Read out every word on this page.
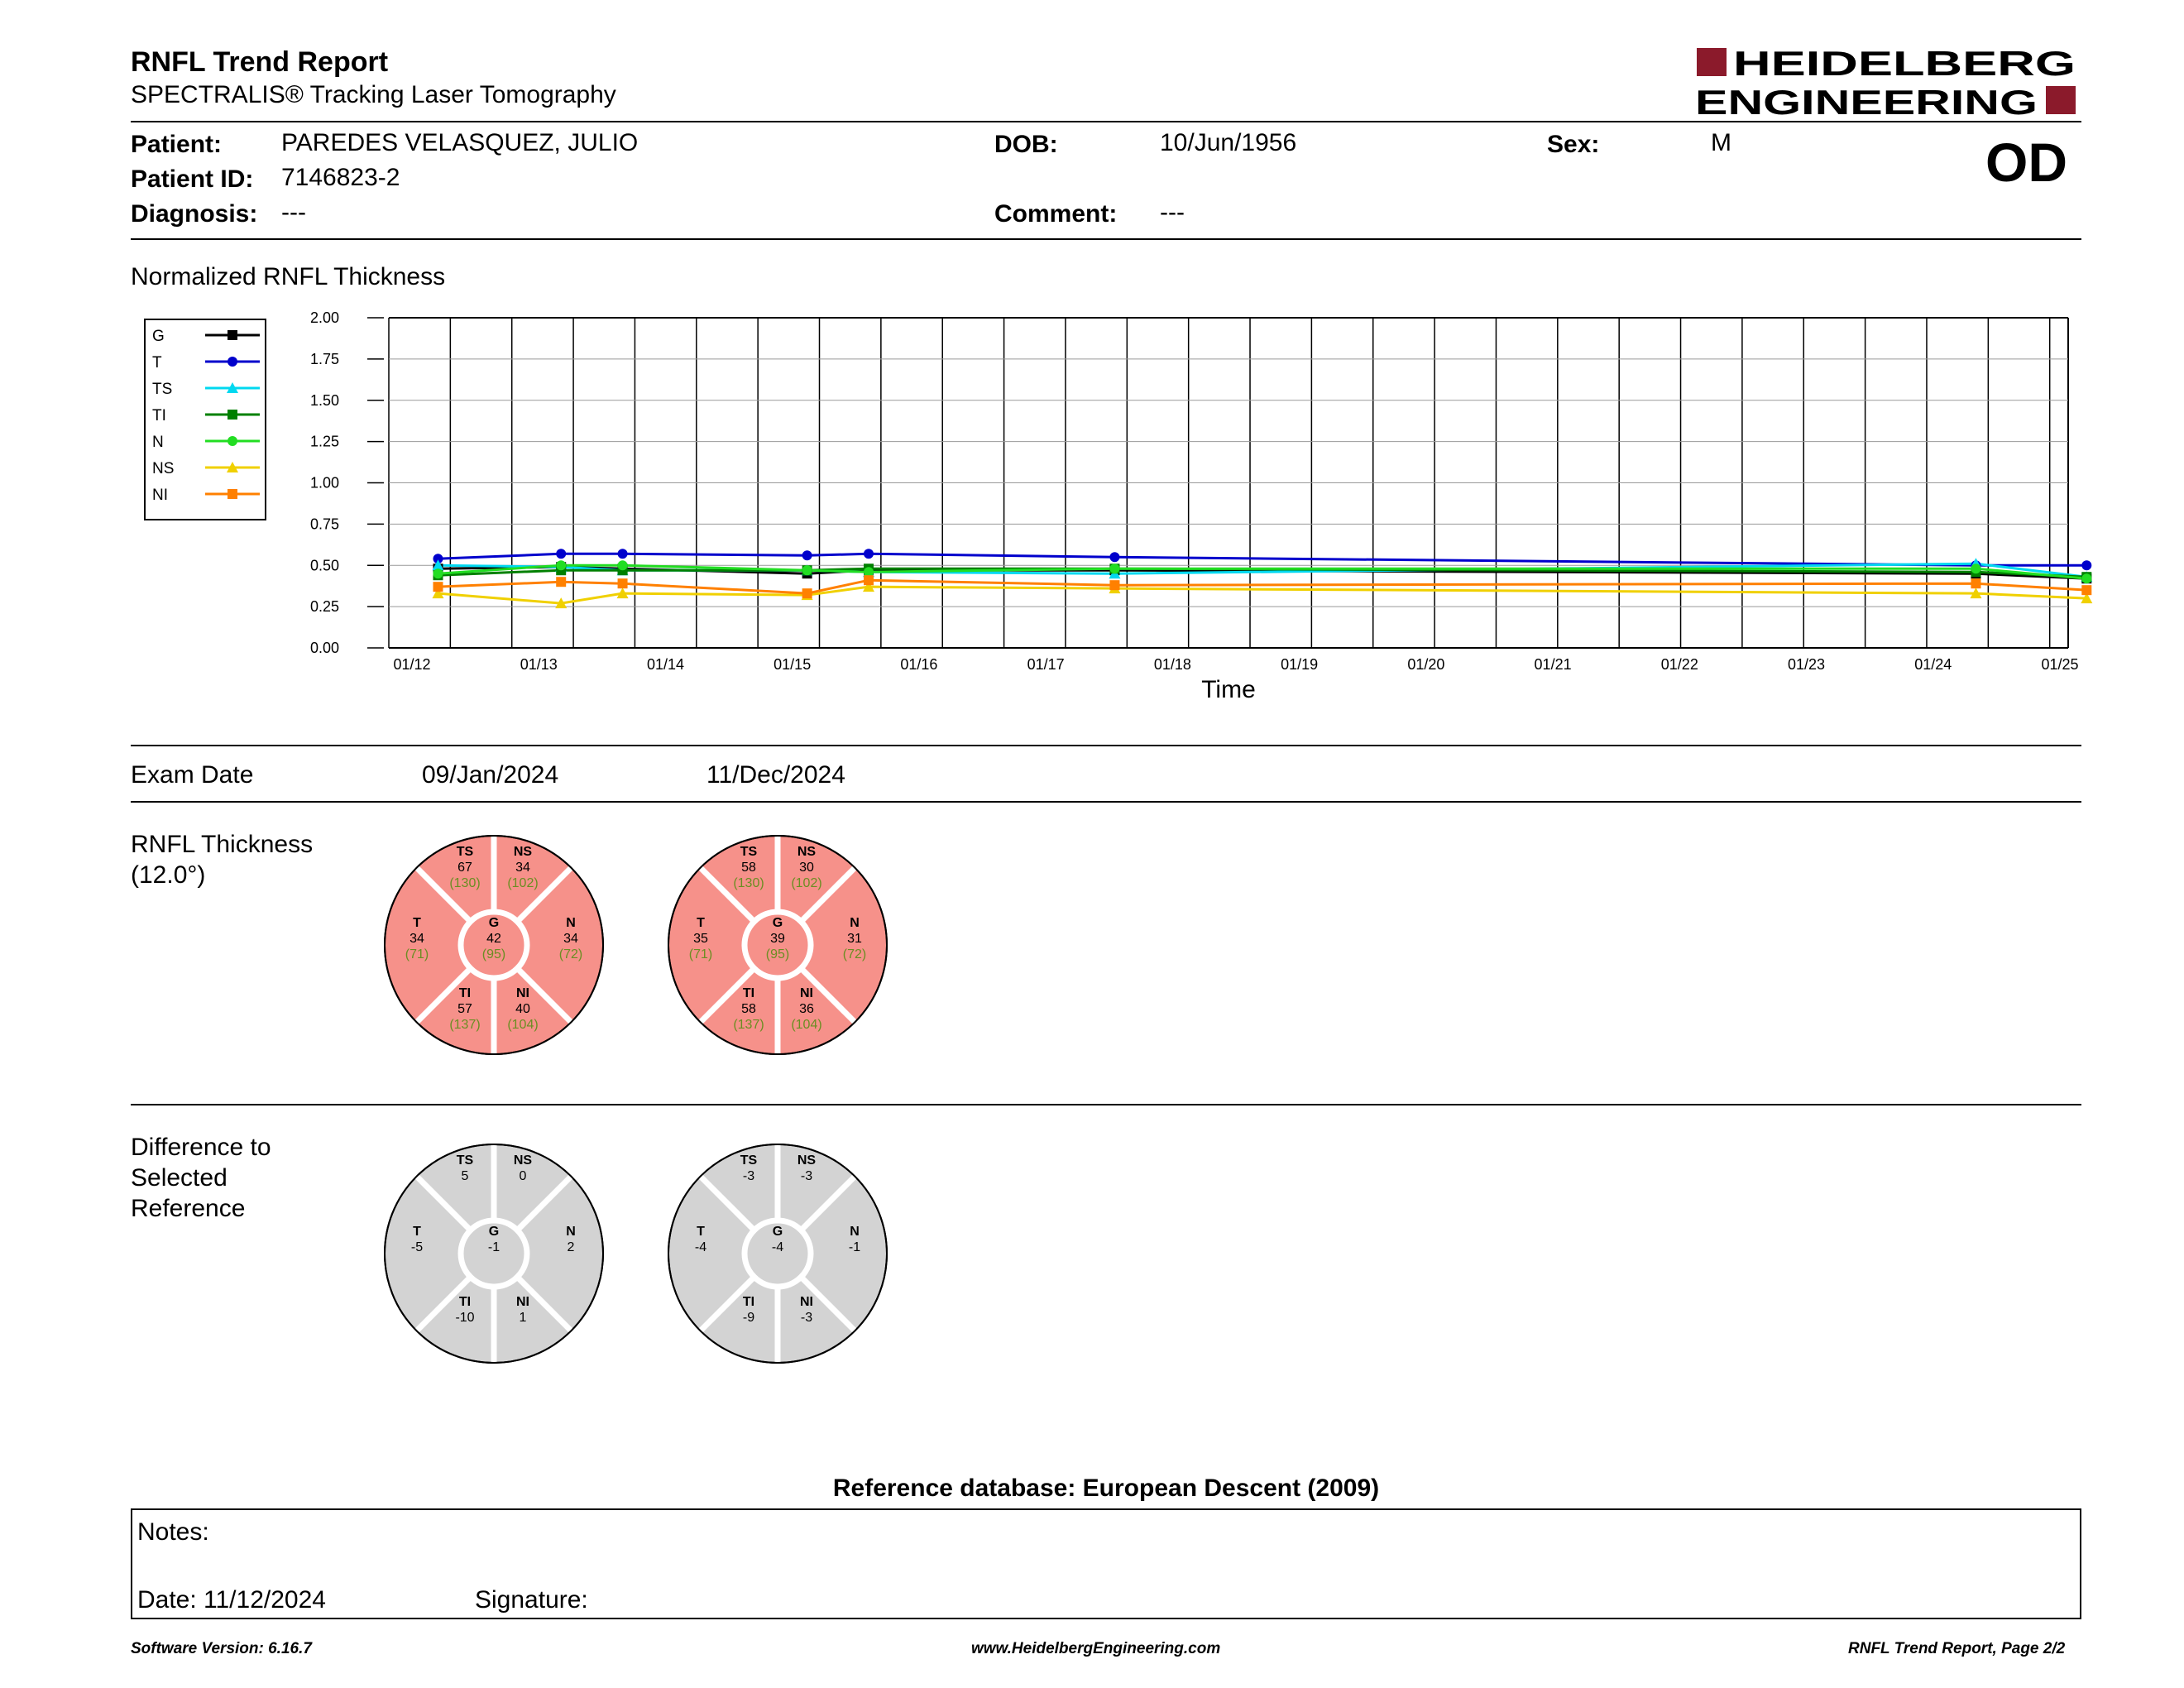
RNFL Trend Report
SPECTRALIS® Tracking Laser Tomography
HEIDELBERG
ENGINEERING
Patient: PAREDES VELASQUEZ, JULIO
Patient ID: 7146823-2
Diagnosis: ---
DOB:	10/Jun/1956
Comment: ---
Sex:	M	OD
Normalized RNFL Thickness
G
T
TS
TI
N
NS
NI
0.00
0.25
0.50
0.75
1.00
1.25
1.50
1.75
2.00
01/12	01/13	01/14	01/15	01/16	01/17	01/18	01/19	01/20	01/21	01/22	01/23	01/24	01/25
Time
Exam Date	09/Jan/2024	11/Dec/2024
RNFL Thickness
(12.0°)
TS
67
(130)
NS
34
(102)
T
34
(71)
G
42
(95)
N
34
(72)
TI
57
(137)
NI
40
(104)
TS
58
(130)
NS
30
(102)
T
35
(71)
G
39
(95)
N
31
(72)
TI
58
(137)
NI
36
(104)
Difference to
Selected
Reference
TS
5
NS
0
T
-5
G
-1
N
2
TI
-10
NI
1
TS
-3
NS
-3
T
-4
G
-4
N
-1
TI
-9
NI
-3
Reference database: European Descent (2009)
Notes:
Date: 11/12/2024	Signature:
Software Version: 6.16.7	www.HeidelbergEngineering.com	RNFL Trend Report, Page 2/2
